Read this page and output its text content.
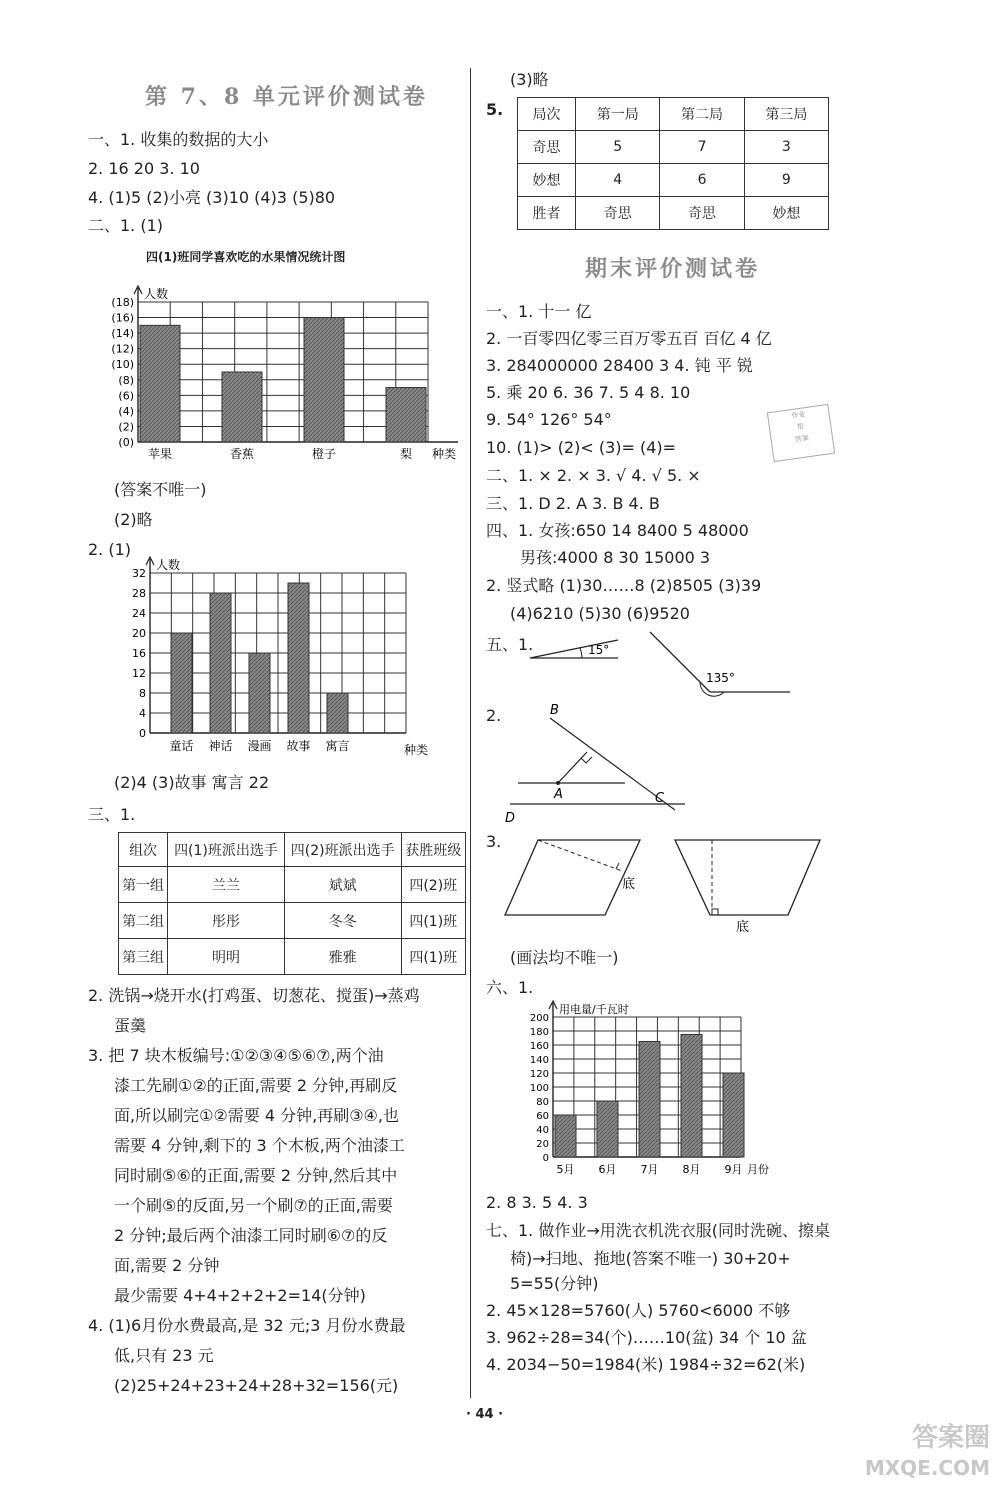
第 7、8 单元评价测试卷
一、1. 收集的数据的大小
2. 16 20 3. 10
4. (1)5 (2)小亮 (3)10 (4)3 (5)80
二、1. (1)
四(1)班同学喜欢吃的水果情况统计图
人数
(18)
(16)
(14)
(12)
(10)
(8)
(6)
(4)
(2)
(0)
苹果	香蕉	橙子	梨 种类
(答案不唯一)
(2)略
2. (1)
人数
32
28
24
20
16
12
8
4
0
童话 神话 漫画 故事 寓言	种类
(2)4 (3)故事 寓言 22
三、1.
组次	四(1)班派出选手	四(2)班派出选手	获胜班级
第一组	兰兰	斌斌	四(2)班
第二组	彤彤	冬冬	四(1)班
第三组	明明	雅雅	四(1)班
2. 洗锅→烧开水(打鸡蛋、切葱花、搅蛋)→蒸鸡
蛋羹
3. 把 7 块木板编号:①②③④⑤⑥⑦,两个油
漆工先刷①②的正面,需要 2 分钟,再刷反
面,所以刷完①②需要 4 分钟,再刷③④,也
需要 4 分钟,剩下的 3 个木板,两个油漆工
同时刷⑤⑥的正面,需要 2 分钟,然后其中
一个刷⑤的反面,另一个刷⑦的正面,需要
2 分钟;最后两个油漆工同时刷⑥⑦的反
面,需要 2 分钟
最少需要 4+4+2+2+2=14(分钟)
4. (1)6月份水费最高,是 32 元;3 月份水费最
低,只有 23 元
(2)25+24+23+24+28+32=156(元)
(3)略
5. 局次	第一局	第二局	第三局
奇思	5	7	3
妙想	4	6	9
胜者	奇思	奇思	妙想
期末评价测试卷
一、1. 十一 亿
2. 一百零四亿零三百万零五百 百亿 4 亿
3. 284000000 28400 3 4. 钝 平 锐
5. 乘 20 6. 36 7. 5 4 8. 10
9. 54° 126° 54°
10. (1)> (2)< (3)= (4)=
二、1. × 2. × 3. √ 4. √ 5. ×
三、1. D 2. A 3. B 4. B
四、1. 女孩:650 14 8400 5 48000
男孩:4000 8 30 15000 3
2. 竖式略 (1)30……8 (2)8505 (3)39
(4)6210 (5)30 (6)9520
作业
帮
答案
五、1.	15°
135°
2.	B
A	C
D
3.
底
底
(画法均不唯一)
六、1.
用电量/千瓦时
200
180
160
140
120
100
80
60
40
20
0
5月 6月 7月 8月 9月 月份
2. 8 3. 5 4. 3
七、1. 做作业→用洗衣机洗衣服(同时洗碗、擦桌
椅)→扫地、拖地(答案不唯一) 30+20+
5=55(分钟)
2. 45×128=5760(人) 5760<6000 不够
3. 962÷28=34(个)……10(盆) 34 个 10 盆
4. 2034−50=1984(米) 1984÷32=62(米)
· 44 ·
答案圈
MXQE.COM
